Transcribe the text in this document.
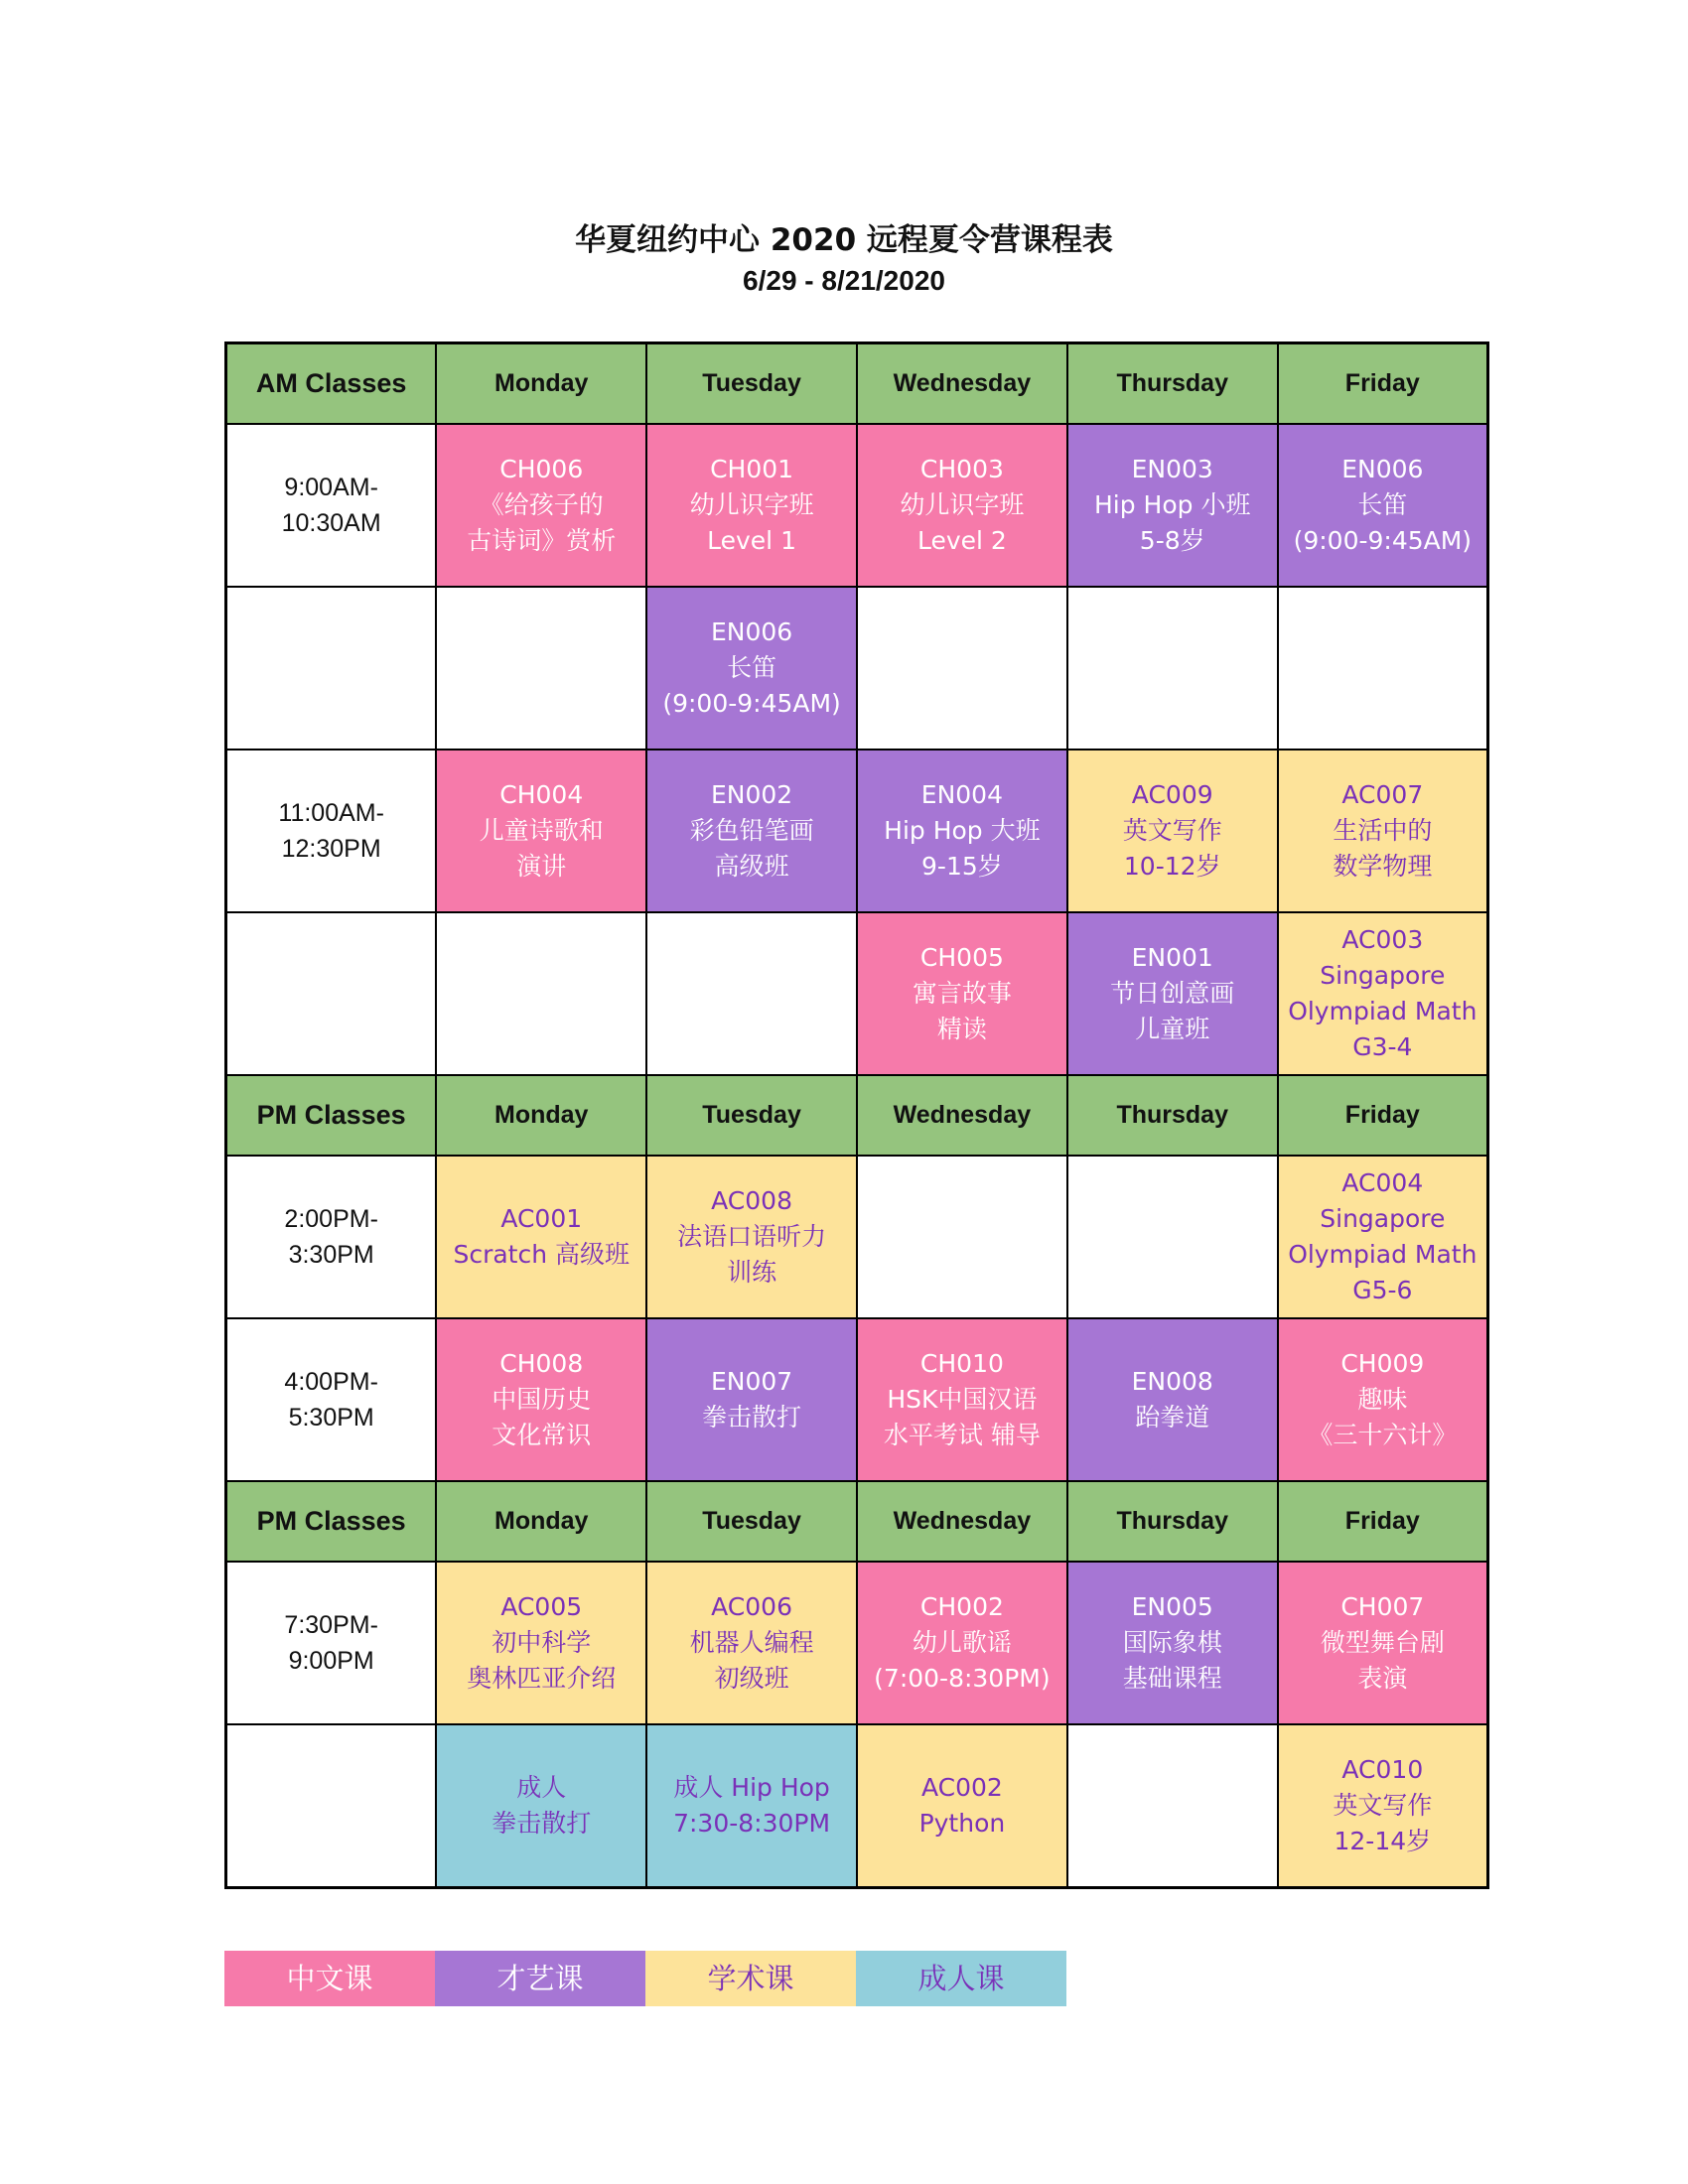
华夏纽约中心 2020 远程夏令营课程表
6/29 - 8/21/2020
AM Classes	Monday	Tuesday	Wednesday	Thursday	Friday
9:00AM-
10:30AM	CH006
《给孩子的
古诗词》赏析	CH001
幼儿识字班
Level 1	CH003
幼儿识字班
Level 2	EN003
Hip Hop 小班
5-8岁	EN006
长笛
(9:00-9:45AM)
		EN006
长笛
(9:00-9:45AM)			
11:00AM-
12:30PM	CH004
儿童诗歌和
演讲	EN002
彩色铅笔画
高级班	EN004
Hip Hop 大班
9-15岁	AC009
英文写作
10-12岁	AC007
生活中的
数学物理
			CH005
寓言故事
精读	EN001
节日创意画
儿童班	AC003
Singapore
Olympiad Math
G3-4
PM Classes	Monday	Tuesday	Wednesday	Thursday	Friday
2:00PM-
3:30PM	AC001
Scratch 高级班	AC008
法语口语听力
训练			AC004
Singapore
Olympiad Math
G5-6
4:00PM-
5:30PM	CH008
中国历史
文化常识	EN007
拳击散打	CH010
HSK中国汉语
水平考试 辅导	EN008
跆拳道	CH009
趣味
《三十六计》
PM Classes	Monday	Tuesday	Wednesday	Thursday	Friday
7:30PM-
9:00PM	AC005
初中科学
奥林匹亚介绍	AC006
机器人编程
初级班	CH002
幼儿歌谣
(7:00-8:30PM)	EN005
国际象棋
基础课程	CH007
微型舞台剧
表演
	成人
拳击散打	成人 Hip Hop
7:30-8:30PM	AC002
Python		AC010
英文写作
12-14岁
中文课	才艺课	学术课	成人课
